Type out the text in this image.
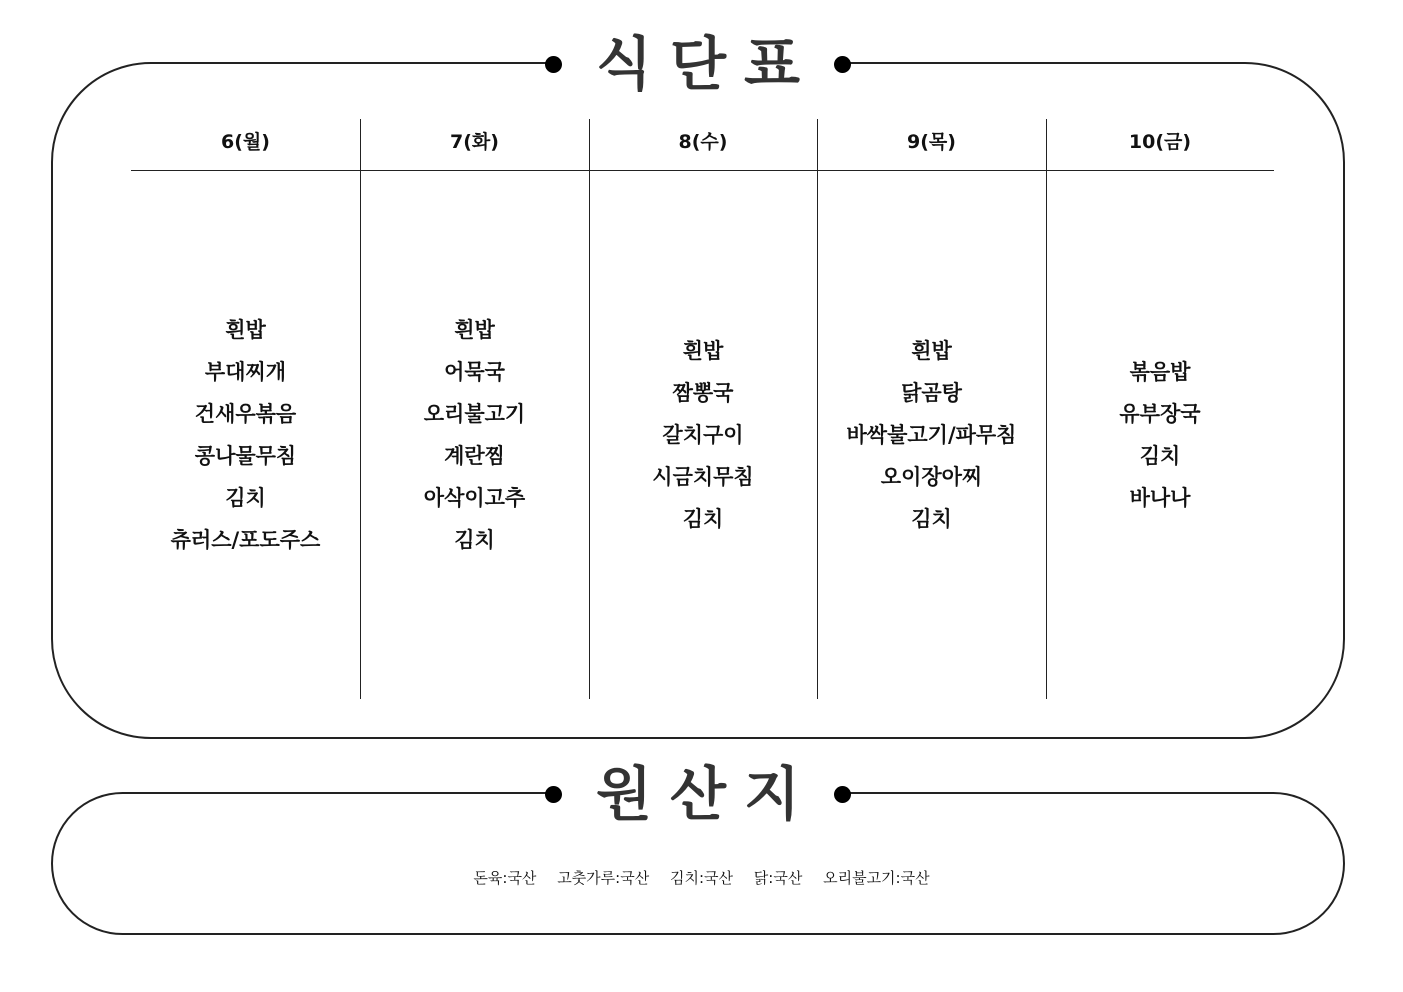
식단표
6(월)
흰밥
부대찌개
건새우볶음
콩나물무침
김치
츄러스/포도주스
7(화)
흰밥
어묵국
오리불고기
계란찜
아삭이고추
김치
8(수)
흰밥
짬뽕국
갈치구이
시금치무침
김치
9(목)
흰밥
닭곰탕
바싹불고기/파무침
오이장아찌
김치
10(금)
볶음밥
유부장국
김치
바나나
원산지
돈육:국산 고춧가루:국산 김치:국산 닭:국산 오리불고기:국산
